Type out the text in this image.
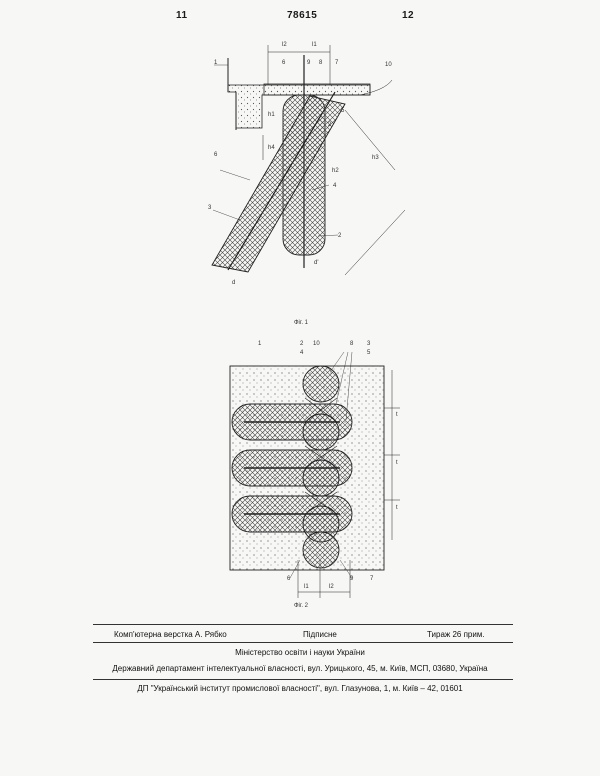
11	78615	12
1	6	9 8 7	10
5
2
6
4
3
2
l2	l1
h1
h4
h2
h3
d
d'
Фіг. 1
1	2
4
10	8 3
5
6	9	7
t
t
t
l1	l2
Фіг. 2
Комп'ютерна верстка А. Рябко	Підписне	Тираж 26 прим.
Міністерство освіти і науки України
Державний департамент інтелектуальної власності, вул. Урицького, 45, м. Київ, МСП, 03680, Україна
ДП "Український інститут промислової власності", вул. Глазунова, 1, м. Київ – 42, 01601
